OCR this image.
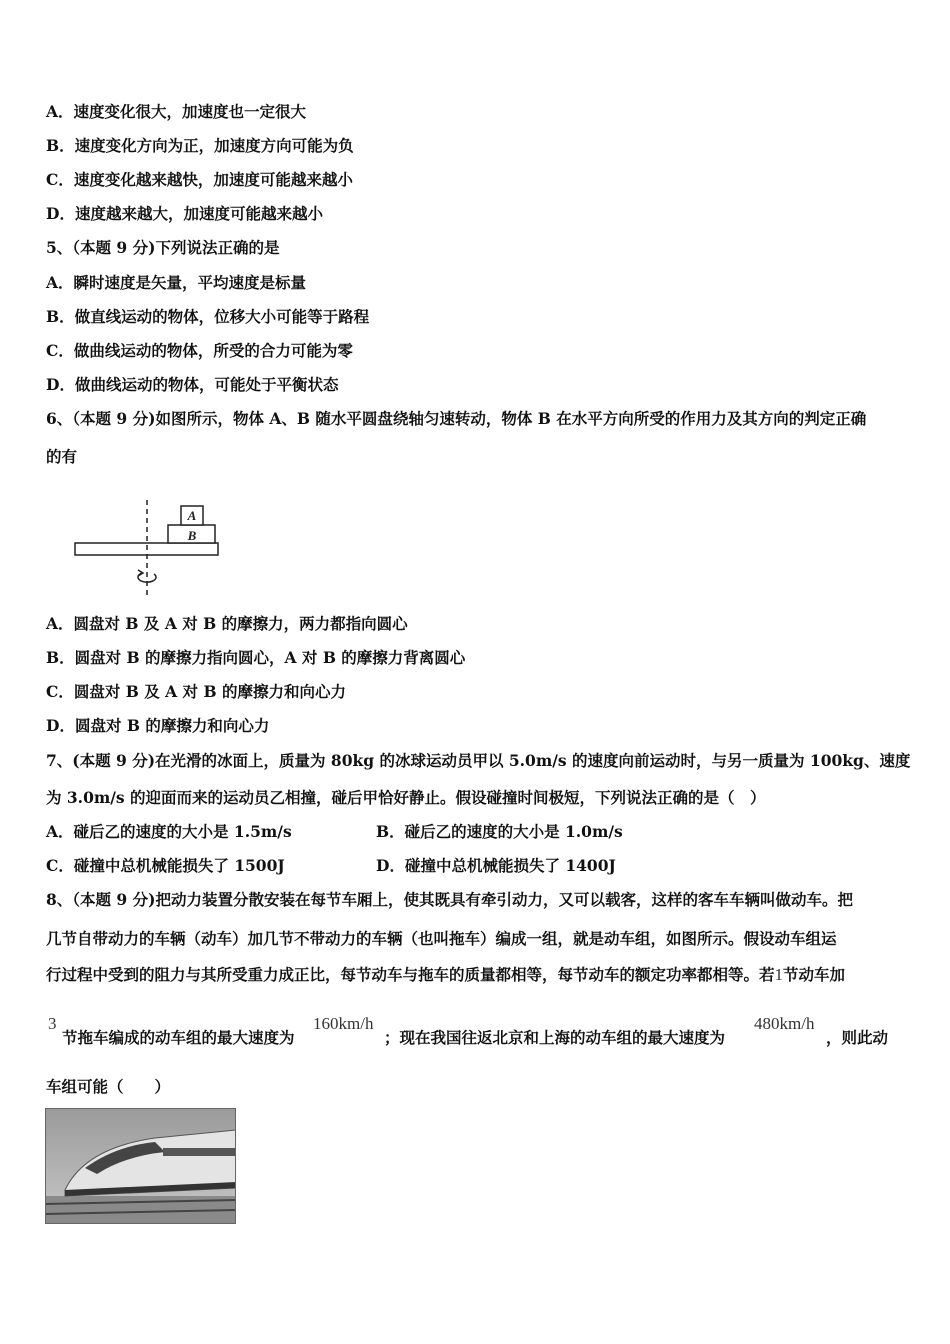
A．速度变化很大，加速度也一定很大
B．速度变化方向为正，加速度方向可能为负
C．速度变化越来越快，加速度可能越来越小
D．速度越来越大，加速度可能越来越小
5、（本题 9 分)下列说法正确的是
A．瞬时速度是矢量，平均速度是标量
B．做直线运动的物体，位移大小可能等于路程
C．做曲线运动的物体，所受的合力可能为零
D．做曲线运动的物体，可能处于平衡状态
6、（本题 9 分)如图所示，物体 A、B 随水平圆盘绕轴匀速转动，物体 B 在水平方向所受的作用力及其方向的判定正确
的有
A
B
A．圆盘对 B 及 A 对 B 的摩擦力，两力都指向圆心
B．圆盘对 B 的摩擦力指向圆心，A 对 B 的摩擦力背离圆心
C．圆盘对 B 及 A 对 B 的摩擦力和向心力
D．圆盘对 B 的摩擦力和向心力
7、(本题 9 分)在光滑的冰面上，质量为 80kg 的冰球运动员甲以 5.0m/s 的速度向前运动时，与另一质量为 100kg、速度
为 3.0m/s 的迎面而来的运动员乙相撞，碰后甲恰好静止。假设碰撞时间极短，下列说法正确的是（　）
A．碰后乙的速度的大小是 1.5m/s	B．碰后乙的速度的大小是 1.0m/s
C．碰撞中总机械能损失了 1500J	D．碰撞中总机械能损失了 1400J
8、（本题 9 分)把动力装置分散安装在每节车厢上，使其既具有牵引动力，又可以载客，这样的客车车辆叫做动车。把
几节自带动力的车辆（动车）加几节不带动力的车辆（也叫拖车）编成一组，就是动车组，如图所示。假设动车组运
行过程中受到的阻力与其所受重力成正比，每节动车与拖车的质量都相等，每节动车的额定功率都相等。若1节动车加
3
节拖车编成的动车组的最大速度为
160km/h
；现在我国往返北京和上海的动车组的最大速度为
480km/h
，则此动
车组可能（　　）
